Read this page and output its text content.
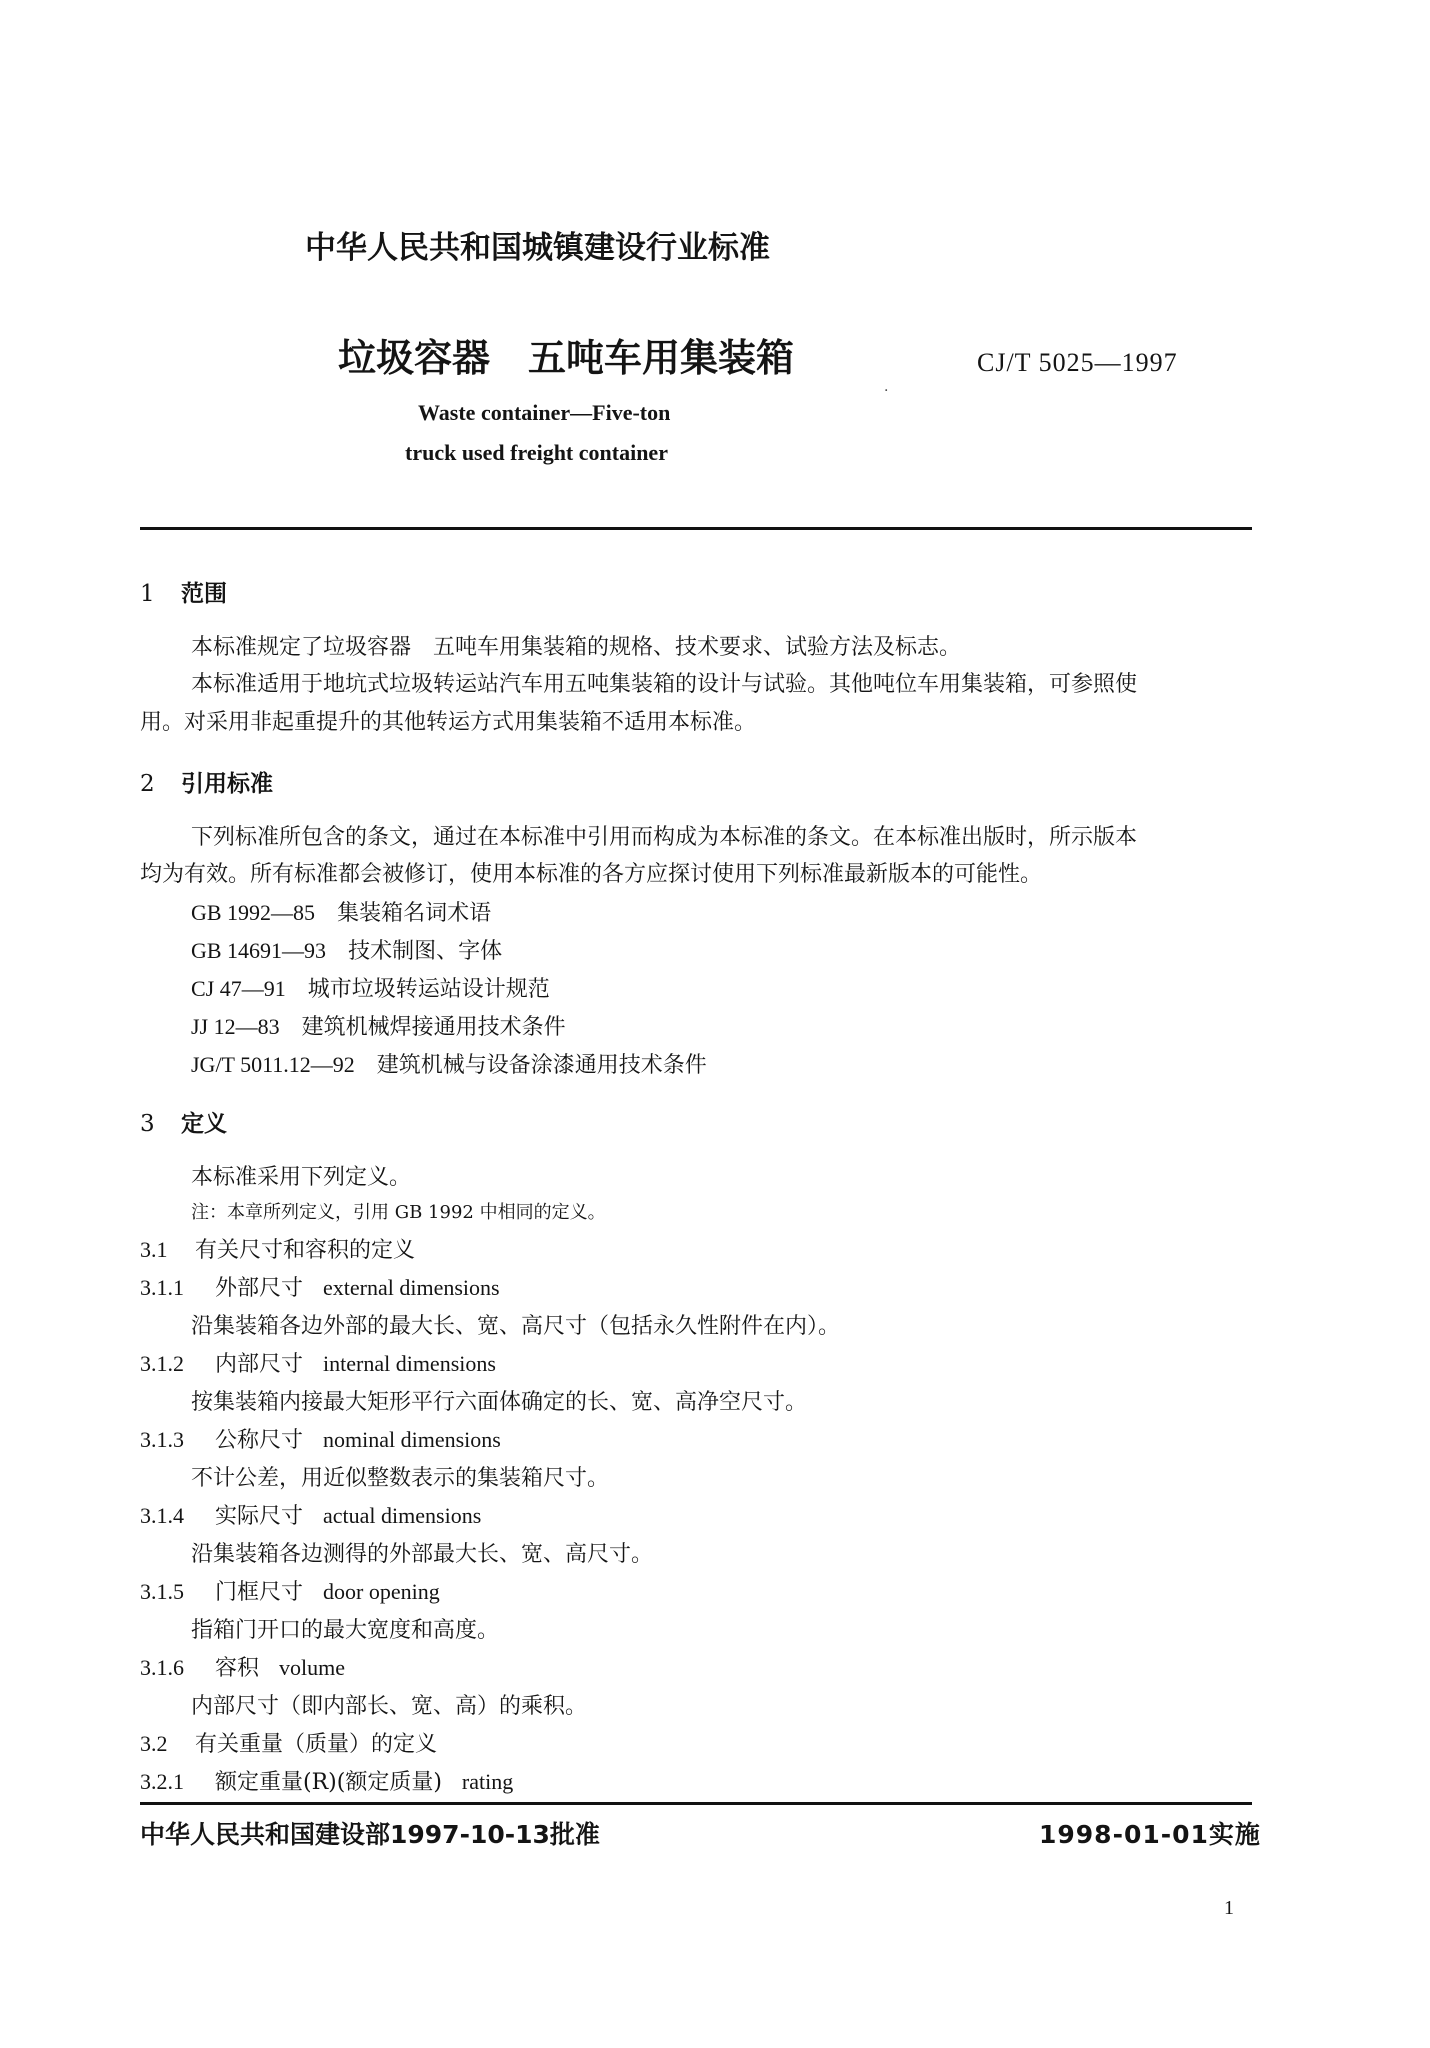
中华人民共和国城镇建设行业标准
垃圾容器　五吨车用集装箱	CJ/T 5025—1997
·
Waste container—Five-ton
truck used freight container
1 范围
本标准规定了垃圾容器　五吨车用集装箱的规格、技术要求、试验方法及标志。
本标准适用于地坑式垃圾转运站汽车用五吨集装箱的设计与试验。其他吨位车用集装箱，可参照使
用。对采用非起重提升的其他转运方式用集装箱不适用本标准。
2 引用标准
下列标准所包含的条文，通过在本标准中引用而构成为本标准的条文。在本标准出版时，所示版本
均为有效。所有标准都会被修订，使用本标准的各方应探讨使用下列标准最新版本的可能性。
GB 1992—85 集装箱名词术语
GB 14691—93 技术制图、字体
CJ 47—91 城市垃圾转运站设计规范
JJ 12—83 建筑机械焊接通用技术条件
JG/T 5011.12—92 建筑机械与设备涂漆通用技术条件
3 定义
本标准采用下列定义。
注：本章所列定义，引用 GB 1992 中相同的定义。
3.1 有关尺寸和容积的定义
3.1.1 外部尺寸 external dimensions
沿集装箱各边外部的最大长、宽、高尺寸（包括永久性附件在内）。
3.1.2 内部尺寸 internal dimensions
按集装箱内接最大矩形平行六面体确定的长、宽、高净空尺寸。
3.1.3 公称尺寸 nominal dimensions
不计公差，用近似整数表示的集装箱尺寸。
3.1.4 实际尺寸 actual dimensions
沿集装箱各边测得的外部最大长、宽、高尺寸。
3.1.5 门框尺寸 door opening
指箱门开口的最大宽度和高度。
3.1.6 容积 volume
内部尺寸（即内部长、宽、高）的乘积。
3.2 有关重量（质量）的定义
3.2.1 额定重量(R)(额定质量) rating
中华人民共和国建设部1997-10-13批准	1998-01-01实施
1
